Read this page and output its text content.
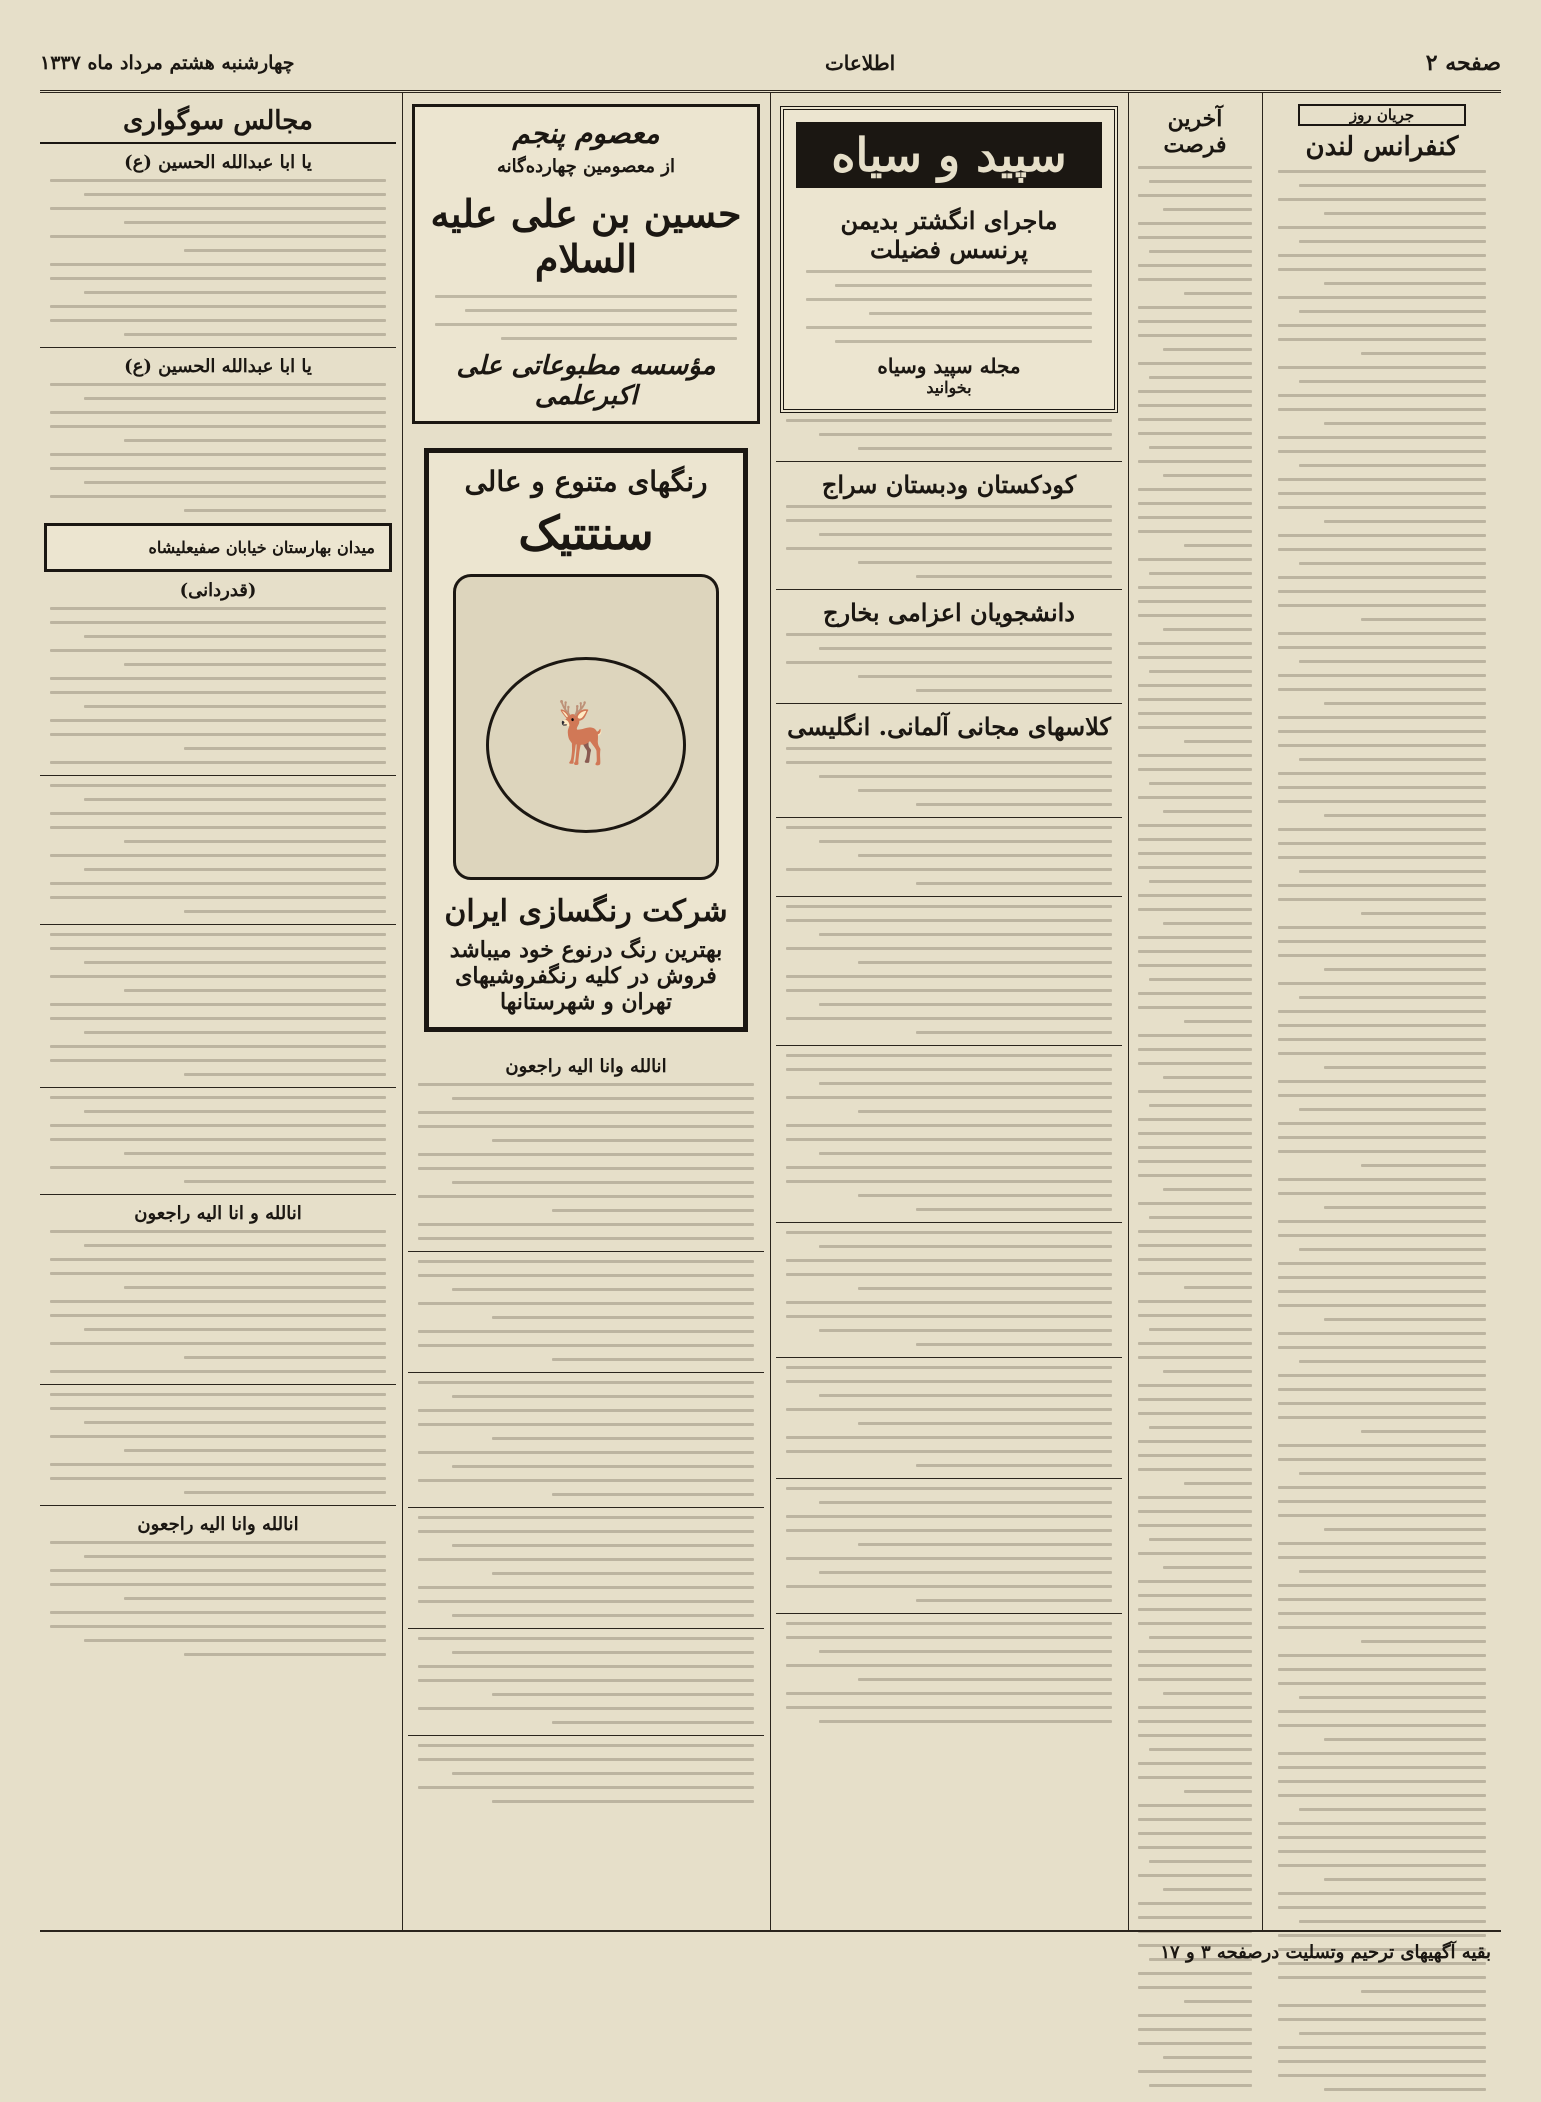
صفحه ۲
اطلاعات
چهارشنبه هشتم مرداد ماه ۱۳۳۷
جریان روز
کنفرانس لندن
آخرین فرصت
سپید و سیاه
ماجرای انگشتر بدیمن
پرنسس فضیلت
مجله سپید وسیاه
بخوانید
کودکستان ودبستان سراج
دانشجویان اعزامی بخارج
کلاسهای مجانی آلمانی. انگلیسی
معصوم پنجم
از معصومین چهارده‌گانه
حسین بن علی علیه السلام
مؤسسه مطبوعاتی علی اکبرعلمی
رنگهای متنوع و عالی
سنتتیک
🦌
شرکت رنگسازی ایران
بهترین رنگ درنوع خود میباشد
فروش در کلیه رنگفروشیهای
تهران و شهرستانها
انالله وانا الیه راجعون
مجالس سوگواری
یا ابا عبدالله الحسین (ع)
یا ابا عبدالله الحسین (ع)
میدان بهارستان خیابان صفیعلیشاه
(قدردانی)
انالله و انا الیه راجعون
انالله وانا الیه راجعون
بقیه آگهیهای ترحیم وتسلیت درصفحه ۳ و ۱۷
